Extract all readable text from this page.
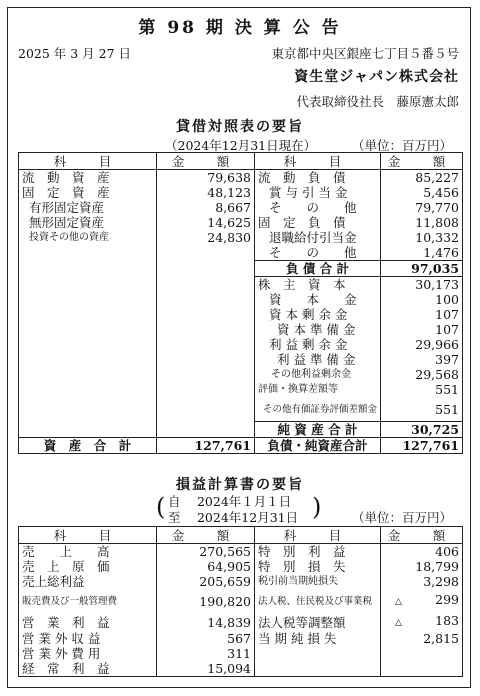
第 98 期 決 算 公 告
2025 年 3 月 27 日	東京都中央区銀座七丁目５番５号
資生堂ジャパン株式会社
代表取締役社長　藤原憲太郎
貸借対照表の要旨
（2024年12月31日現在）	（単位：百万円）
科　目	金　額	科　目	金　額
流　動　資　産	79,638	流　動　負　債	85,227
固　定　資　産	48,123	賞 与 引 当 金	5,456
有形固定資産	8,667	そ　　の　　他	79,770
無形固定資産	14,625	固　定　負　債	11,808
投資その他の資産	24,830	退職給付引当金	10,332
		そ　　の　　他	1,476
		負 債 合 計	97,035
		株　主　資　本	30,173
		資　　本　　金	100
		資 本 剰 余 金	107
		資 本 準 備 金	107
		利 益 剰 余 金	29,966
		利 益 準 備 金	397
		その他利益剰余金	29,568
		評価・換算差額等	551
		その他有価証券評価差額金	551
		純 資 産 合 計	30,725
資　産　合　計	127,761	負債・純資産合計	127,761
損益計算書の要旨
( 自　 2024年１月１日
至　 2024年12月31日 ) （単位：百万円）
科　目	金　額	科　目	金　額
売　　上　　高	270,565	特　別　利　益	406
売　上　原　価	64,905	特　別　損　失	18,799
売上総利益	205,659	税引前当期純損失	3,298
販売費及び一般管理費	190,820	法人税、住民税及び事業税	△ 299
営　業　利　益	14,839	法人税等調整額	△ 183
営 業 外 収 益	567	当 期 純 損 失	2,815
営 業 外 費 用	311		
経　常　利　益	15,094		
